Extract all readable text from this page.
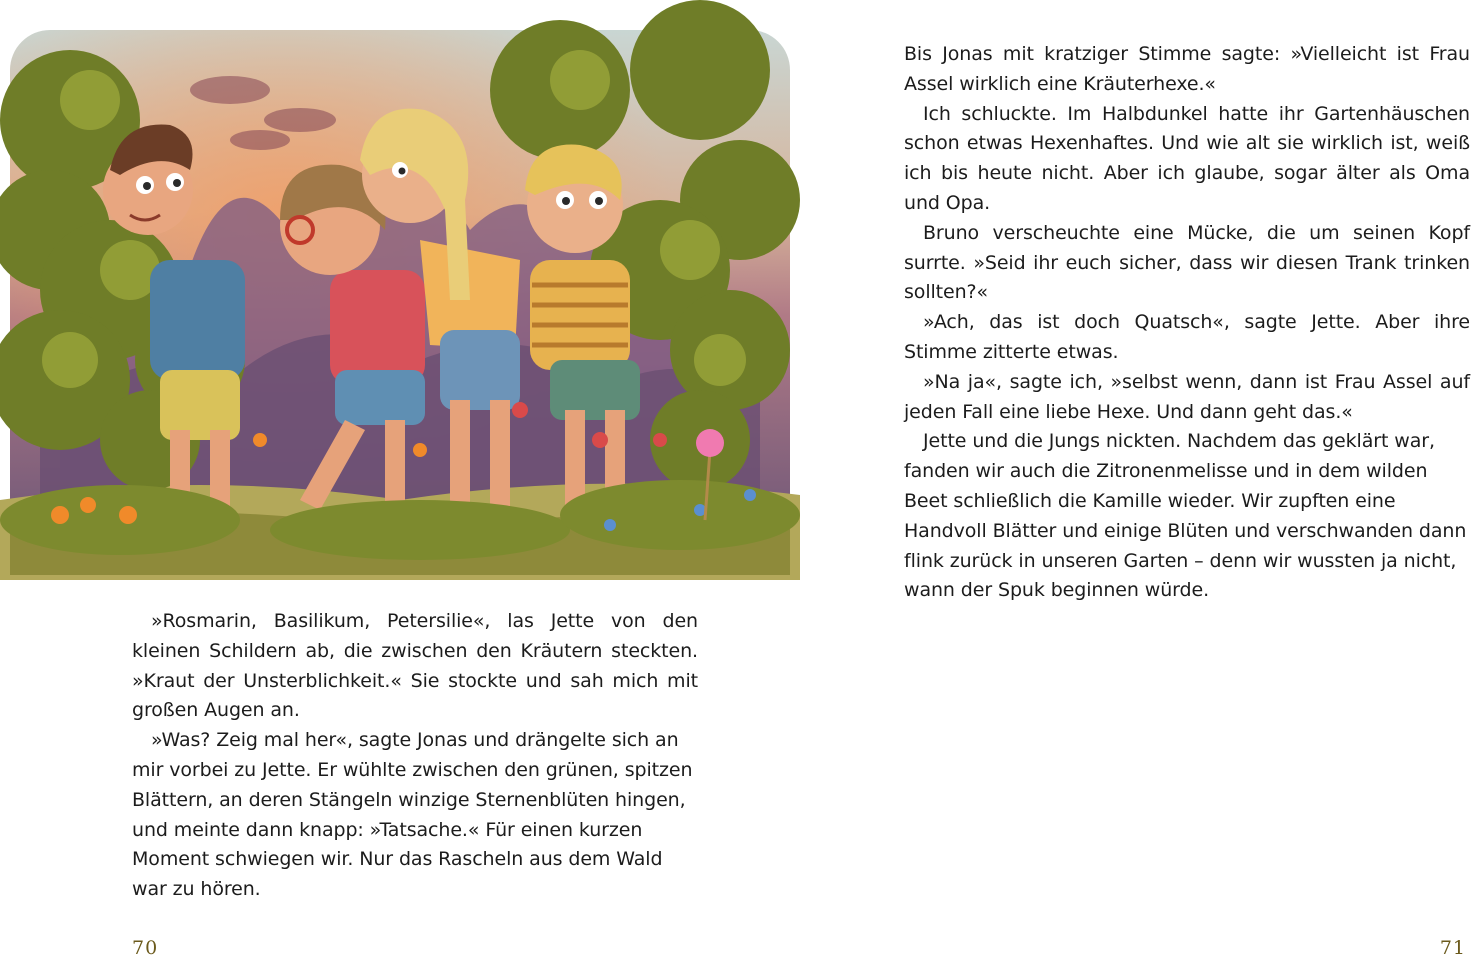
»Rosmarin, Basilikum, Petersilie«, las Jette von den kleinen Schildern ab, die zwischen den Kräutern steckten. »Kraut der Unsterblichkeit.« Sie stockte und sah mich mit großen Augen an.

»Was? Zeig mal her«, sagte Jonas und drängelte sich an mir vorbei zu Jette. Er wühlte zwischen den grünen, spitzen Blättern, an deren Stängeln winzige Sternenblüten hingen, und meinte dann knapp: »Tatsache.« Für einen kurzen Moment schwiegen wir. Nur das Rascheln aus dem Wald war zu hören.

70

Bis Jonas mit kratziger Stimme sagte: »Vielleicht ist Frau Assel wirklich eine Kräuterhexe.«

Ich schluckte. Im Halbdunkel hatte ihr Gartenhäuschen schon etwas Hexenhaftes. Und wie alt sie wirklich ist, weiß ich bis heute nicht. Aber ich glaube, sogar älter als Oma und Opa.

Bruno verscheuchte eine Mücke, die um seinen Kopf surrte. »Seid ihr euch sicher, dass wir diesen Trank trinken sollten?«

»Ach, das ist doch Quatsch«, sagte Jette. Aber ihre Stimme zitterte etwas.

»Na ja«, sagte ich, »selbst wenn, dann ist Frau Assel auf jeden Fall eine liebe Hexe. Und dann geht das.«

Jette und die Jungs nickten. Nachdem das geklärt war, fanden wir auch die Zitronenmelisse und in dem wilden Beet schließlich die Kamille wieder. Wir zupften eine Handvoll Blätter und einige Blüten und verschwanden dann flink zurück in unseren Garten – denn wir wussten ja nicht, wann der Spuk beginnen würde.

71
